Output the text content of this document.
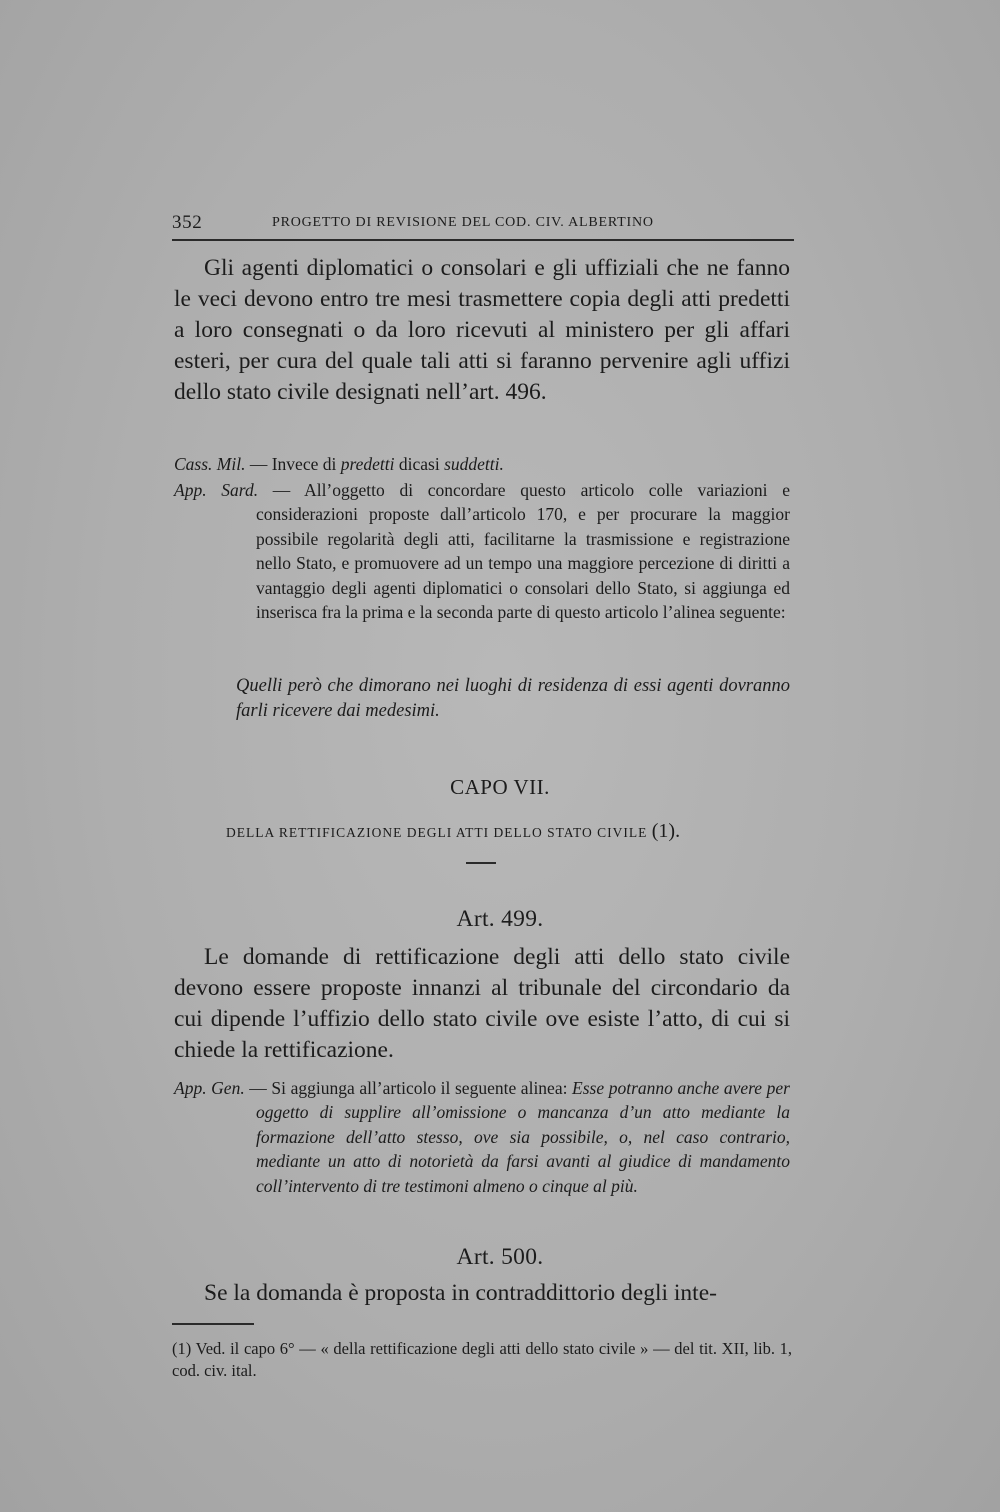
352	PROGETTO DI REVISIONE DEL COD. CIV. ALBERTINO

Gli agenti diplomatici o consolari e gli uffiziali che ne fanno le veci devono entro tre mesi trasmettere copia degli atti predetti a loro consegnati o da loro ricevuti al ministero per gli affari esteri, per cura del quale tali atti si faranno pervenire agli uffizi dello stato civile designati nell’art. 496.

Cass. Mil. — Invece di predetti dicasi suddetti.

App. Sard. — All’oggetto di concordare questo articolo colle variazioni e considerazioni proposte dall’articolo 170, e per procurare la maggior possibile regolarità degli atti, facilitarne la trasmissione e registrazione nello Stato, e promuovere ad un tempo una maggiore percezione di diritti a vantaggio degli agenti diplomatici o consolari dello Stato, si aggiunga ed inserisca fra la prima e la seconda parte di questo articolo l’alinea seguente:

Quelli però che dimorano nei luoghi di residenza di essi agenti dovranno farli ricevere dai medesimi.

CAPO VII.
DELLA RETTIFICAZIONE DEGLI ATTI DELLO STATO CIVILE (1).
Art. 499.

Le domande di rettificazione degli atti dello stato civile devono essere proposte innanzi al tribunale del circondario da cui dipende l’uffizio dello stato civile ove esiste l’atto, di cui si chiede la rettificazione.

App. Gen. — Si aggiunga all’articolo il seguente alinea: Esse potranno anche avere per oggetto di supplire all’omissione o mancanza d’un atto mediante la formazione dell’atto stesso, ove sia possibile, o, nel caso contrario, mediante un atto di notorietà da farsi avanti al giudice di mandamento coll’intervento di tre testimoni almeno o cinque al più.

Art. 500.

Se la domanda è proposta in contraddittorio degli inte-

(1) Ved. il capo 6° — « della rettificazione degli atti dello stato civile » — del tit. XII, lib. 1, cod. civ. ital.
